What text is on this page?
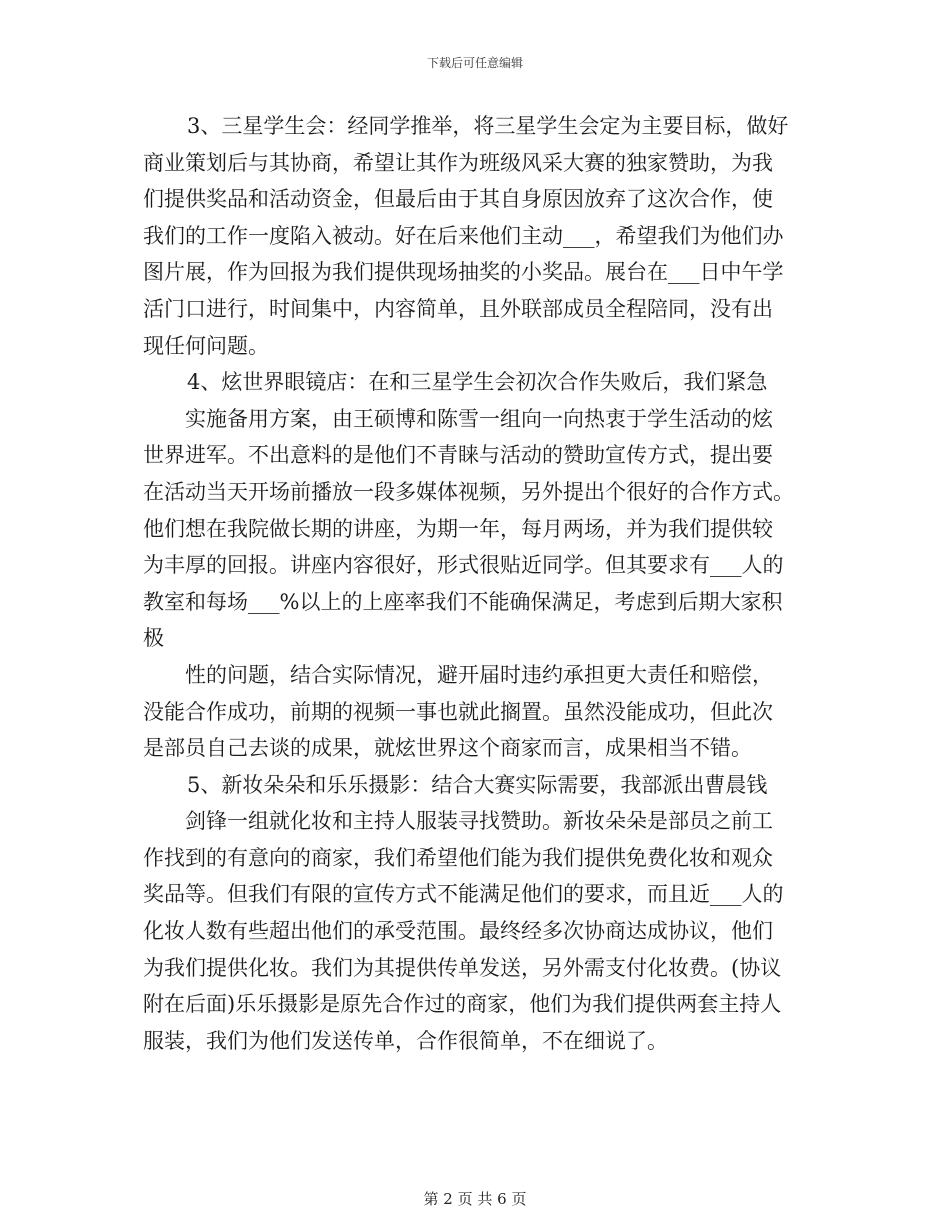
下载后可任意编辑
3、三星学生会：经同学推举，将三星学生会定为主要目标，做好
商业策划后与其协商，希望让其作为班级风采大赛的独家赞助，为我
们提供奖品和活动资金，但最后由于其自身原因放弃了这次合作，使
我们的工作一度陷入被动。好在后来他们主动___，希望我们为他们办
图片展，作为回报为我们提供现场抽奖的小奖品。展台在___日中午学
活门口进行，时间集中，内容简单，且外联部成员全程陪同，没有出
现任何问题。
4、炫世界眼镜店：在和三星学生会初次合作失败后，我们紧急
实施备用方案，由王硕博和陈雪一组向一向热衷于学生活动的炫
世界进军。不出意料的是他们不青睐与活动的赞助宣传方式，提出要
在活动当天开场前播放一段多媒体视频，另外提出个很好的合作方式。
他们想在我院做长期的讲座，为期一年，每月两场，并为我们提供较
为丰厚的回报。讲座内容很好，形式很贴近同学。但其要求有___人的
教室和每场___%以上的上座率我们不能确保满足，考虑到后期大家积
极
性的问题，结合实际情况，避开届时违约承担更大责任和赔偿，
没能合作成功，前期的视频一事也就此搁置。虽然没能成功，但此次
是部员自己去谈的成果，就炫世界这个商家而言，成果相当不错。
5、新妆朵朵和乐乐摄影：结合大赛实际需要，我部派出曹晨钱
剑锋一组就化妆和主持人服装寻找赞助。新妆朵朵是部员之前工
作找到的有意向的商家，我们希望他们能为我们提供免费化妆和观众
奖品等。但我们有限的宣传方式不能满足他们的要求，而且近___人的
化妆人数有些超出他们的承受范围。最终经多次协商达成协议，他们
为我们提供化妆。我们为其提供传单发送，另外需支付化妆费。(协议
附在后面)乐乐摄影是原先合作过的商家，他们为我们提供两套主持人
服装，我们为他们发送传单，合作很简单，不在细说了。
第 2 页 共 6 页
